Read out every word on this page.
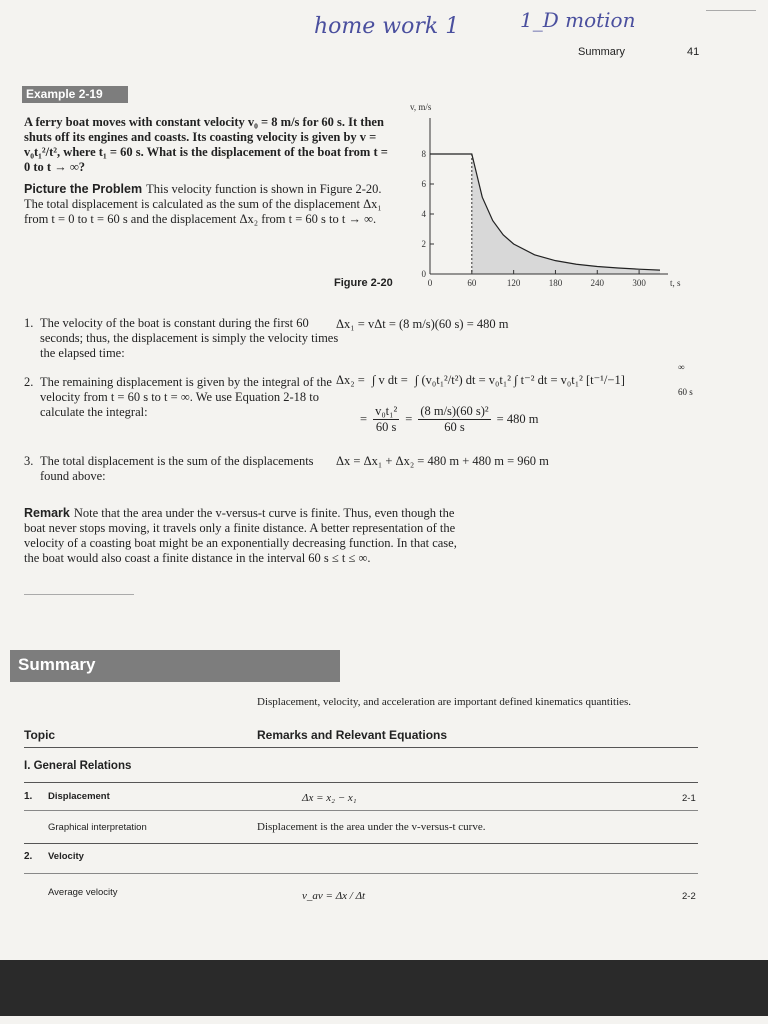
home work 1	1_D motion
Summary	41
Example 2-19
A ferry boat moves with constant velocity v₀ = 8 m/s for 60 s. It then shuts off its engines and coasts. Its coasting velocity is given by v = v₀t₁²/t², where t₁ = 60 s. What is the displacement of the boat from t = 0 to t → ∞?
Picture the Problem This velocity function is shown in Figure 2-20. The total displacement is calculated as the sum of the displacement Δx₁ from t = 0 to t = 60 s and the displacement Δx₂ from t = 60 s to t → ∞.
0
2
4
6
8
0	60	120	180	240	300
v, m/s
t, s
Figure 2-20
1. The velocity of the boat is constant during the first 60 seconds; thus, the displacement is simply the velocity times the elapsed time:
Δx₁ = vΔt = (8 m/s)(60 s) = 480 m
2. The remaining displacement is given by the integral of the velocity from t = 60 s to t = ∞. We use Equation 2-18 to calculate the integral:
Δx₂ = ∫ v dt = ∫ (v₀t₁²/t²) dt = v₀t₁² ∫ t⁻² dt = v₀t₁² [t⁻¹/−1]
∞
60 s
= $\frac{\text{v₀t₁²}}{60 s} = \frac{\text{(8 m/s)(60 s)²}}{60 s} = 480$ m
3. The total displacement is the sum of the displacements found above:
Δx = Δx₁ + Δx₂ = 480 m + 480 m = 960 m
Remark Note that the area under the v-versus-t curve is finite. Thus, even though the boat never stops moving, it travels only a finite distance. A better representation of the velocity of a coasting boat might be an exponentially decreasing function. In that case, the boat would also coast a finite distance in the interval 60 s ≤ t ≤ ∞.
Summary
Displacement, velocity, and acceleration are important defined kinematics quantities.
Topic	Remarks and Relevant Equations
I. General Relations
1. Displacement	Δx = x₂ − x₁	2-1
Graphical interpretation	Displacement is the area under the v-versus-t curve.
2. Velocity
Average velocity	v_av = Δx / Δt	2-2
